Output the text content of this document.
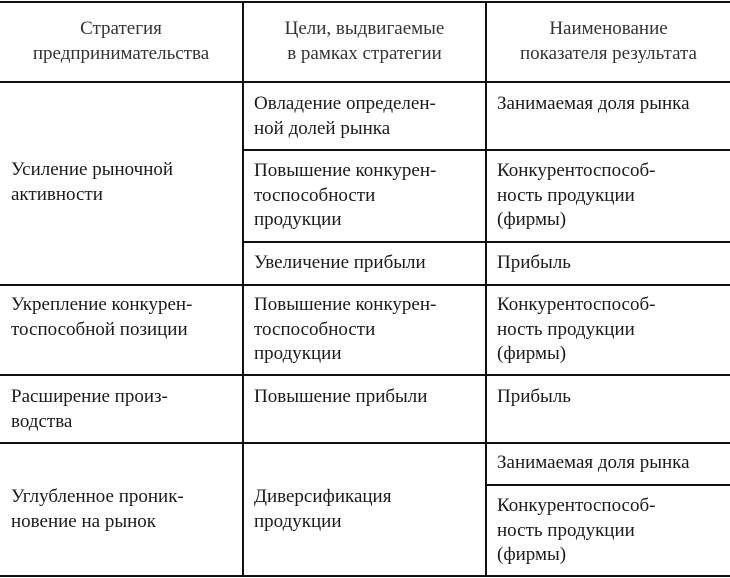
Стратегия
предпринимательства
Цели, выдвигаемые
в рамках стратегии
Наименование
показателя результата
Усиление рыночной
активности
Овладение определен-
ной долей рынка
Занимаемая доля рынка
Повышение конкурен-
тоспособности
продукции
Конкурентоспособ-
ность продукции
(фирмы)
Увеличение прибыли	Прибыль
Укрепление конкурен-
тоспособной позиции
Повышение конкурен-
тоспособности
продукции
Конкурентоспособ-
ность продукции
(фирмы)
Расширение произ-
водства
Повышение прибыли	Прибыль
Углубленное проник-
новение на рынок
Диверсификация
продукции
Занимаемая доля рынка
Конкурентоспособ-
ность продукции
(фирмы)
